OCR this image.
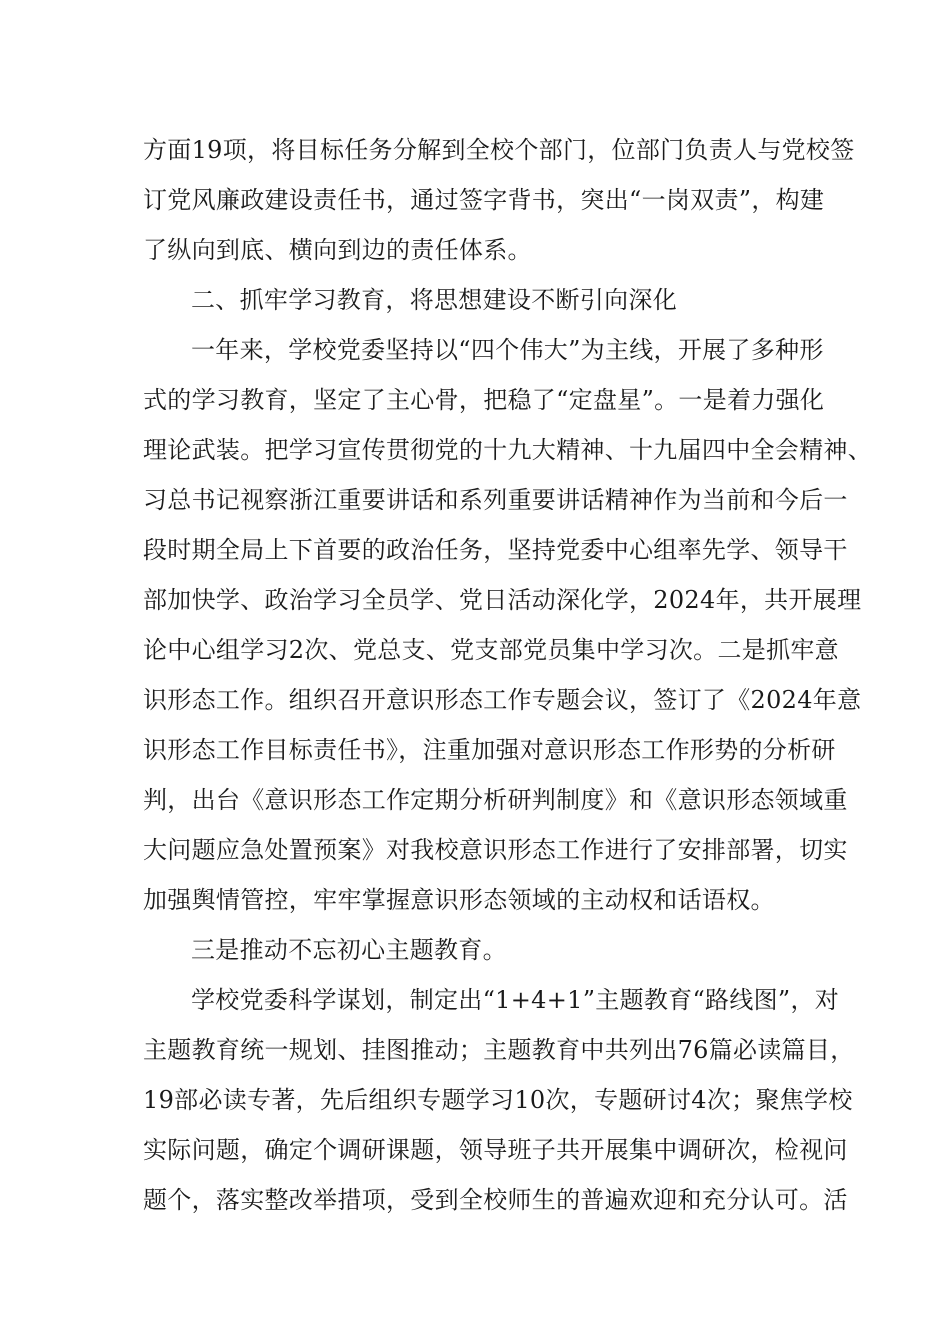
方面19项，将目标任务分解到全校个部门，位部门负责人与党校签
订党风廉政建设责任书，通过签字背书，突出“一岗双责”，构建
了纵向到底、横向到边的责任体系。
二、抓牢学习教育，将思想建设不断引向深化
一年来，学校党委坚持以“四个伟大”为主线，开展了多种形
式的学习教育，坚定了主心骨，把稳了“定盘星”。一是着力强化
理论武装。把学习宣传贯彻党的十九大精神、十九届四中全会精神、
习总书记视察浙江重要讲话和系列重要讲话精神作为当前和今后一
段时期全局上下首要的政治任务，坚持党委中心组率先学、领导干
部加快学、政治学习全员学、党日活动深化学，2024年，共开展理
论中心组学习2次、党总支、党支部党员集中学习次。二是抓牢意
识形态工作。组织召开意识形态工作专题会议，签订了《2024年意
识形态工作目标责任书》，注重加强对意识形态工作形势的分析研
判，出台《意识形态工作定期分析研判制度》和《意识形态领域重
大问题应急处置预案》对我校意识形态工作进行了安排部署，切实
加强舆情管控，牢牢掌握意识形态领域的主动权和话语权。
三是推动不忘初心主题教育。
学校党委科学谋划，制定出“1+4+1”主题教育“路线图”，对
主题教育统一规划、挂图推动；主题教育中共列出76篇必读篇目，
19部必读专著，先后组织专题学习10次，专题研讨4次；聚焦学校
实际问题，确定个调研课题，领导班子共开展集中调研次，检视问
题个，落实整改举措项，受到全校师生的普遍欢迎和充分认可。活
